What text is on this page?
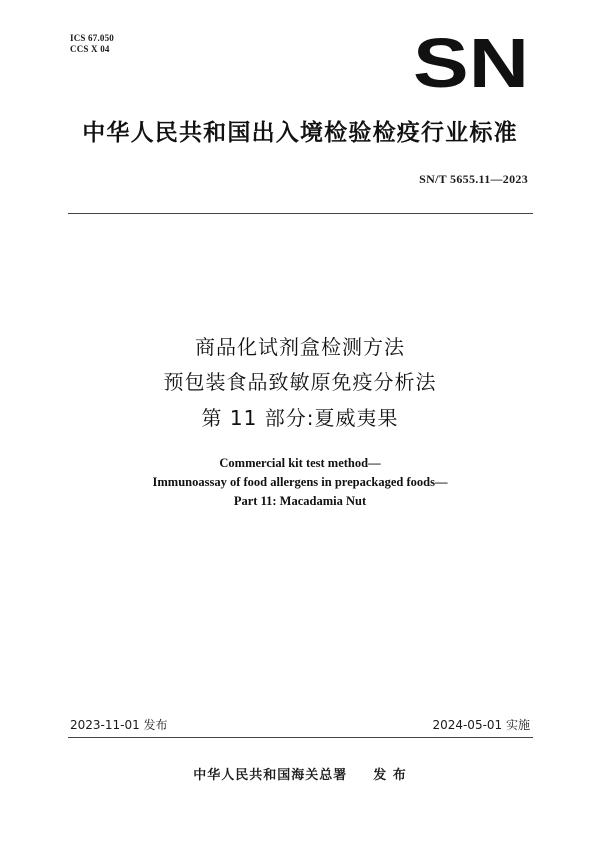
ICS 67.050
CCS X 04	SN
中华人民共和国出入境检验检疫行业标准
SN/T 5655.11—2023
商品化试剂盒检测方法
预包装食品致敏原免疫分析法
第 11 部分:夏威夷果
Commercial kit test method—
Immunoassay of food allergens in prepackaged foods—
Part 11: Macadamia Nut
2023-11-01 发布	2024-05-01 实施
中华人民共和国海关总署 发 布
